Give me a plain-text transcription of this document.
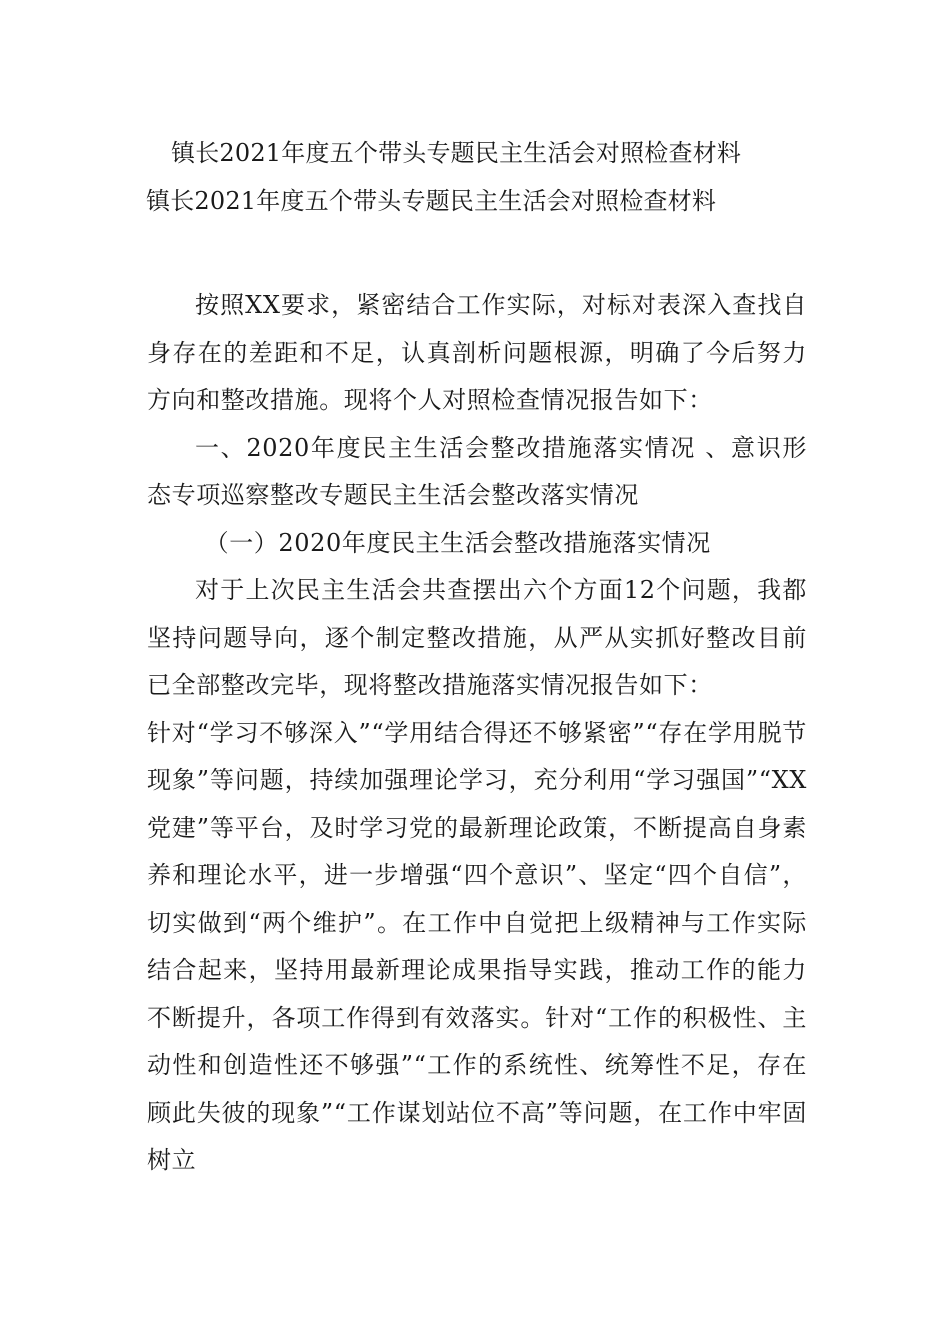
镇长2021年度五个带头专题民主生活会对照检查材料
镇长2021年度五个带头专题民主生活会对照检查材料

按照XX要求，紧密结合工作实际，对标对表深入查找自身存在的差距和不足，认真剖析问题根源，明确了今后努力方向和整改措施。现将个人对照检查情况报告如下：

一、2020年度民主生活会整改措施落实情况 、意识形态专项巡察整改专题民主生活会整改落实情况

（一）2020年度民主生活会整改措施落实情况

对于上次民主生活会共查摆出六个方面12个问题，我都坚持问题导向，逐个制定整改措施，从严从实抓好整改目前已全部整改完毕，现将整改措施落实情况报告如下：

针对“学习不够深入”“学用结合得还不够紧密”“存在学用脱节现象”等问题，持续加强理论学习，充分利用“学习强国”“XX党建”等平台，及时学习党的最新理论政策，不断提高自身素养和理论水平，进一步增强“四个意识”、坚定“四个自信”，切实做到“两个维护”。在工作中自觉把上级精神与工作实际结合起来，坚持用最新理论成果指导实践，推动工作的能力不断提升，各项工作得到有效落实。针对“工作的积极性、主动性和创造性还不够强”“工作的系统性、统筹性不足，存在顾此失彼的现象”“工作谋划站位不高”等问题，在工作中牢固树立
